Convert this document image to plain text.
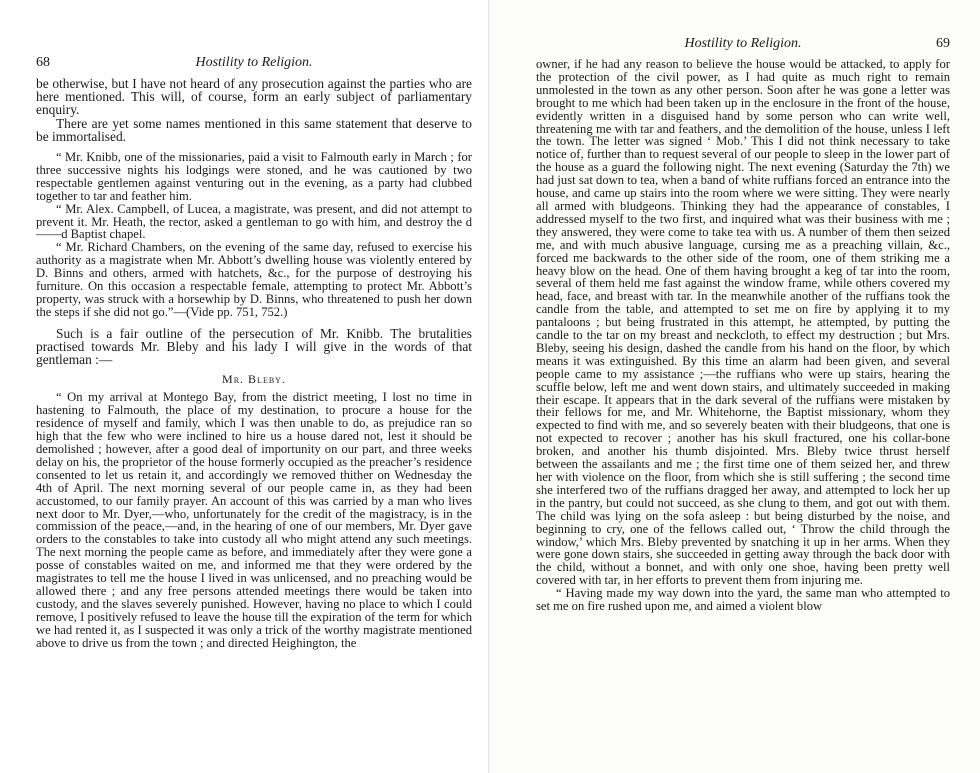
68	Hostility to Religion.

be otherwise, but I have not heard of any prosecution against the parties who are here mentioned. This will, of course, form an early subject of parliamentary enquiry.

There are yet some names mentioned in this same statement that deserve to be immortalised.

“ Mr. Knibb, one of the missionaries, paid a visit to Falmouth early in March ; for three successive nights his lodgings were stoned, and he was cautioned by two respectable gentlemen against venturing out in the evening, as a party had clubbed together to tar and feather him.

“ Mr. Alex. Campbell, of Lucea, a magistrate, was present, and did not attempt to prevent it. Mr. Heath, the rector, asked a gentleman to go with him, and destroy the d——d Baptist chapel.

“ Mr. Richard Chambers, on the evening of the same day, refused to exercise his authority as a magistrate when Mr. Abbott’s dwelling house was violently entered by D. Binns and others, armed with hatchets, &c., for the purpose of destroying his furniture. On this occasion a respectable female, attempting to protect Mr. Abbott’s property, was struck with a horsewhip by D. Binns, who threatened to push her down the steps if she did not go.”—(Vide pp. 751, 752.)

Such is a fair outline of the persecution of Mr. Knibb. The brutalities practised towards Mr. Bleby and his lady I will give in the words of that gentleman :—

Mr. Bleby.

“ On my arrival at Montego Bay, from the district meeting, I lost no time in hastening to Falmouth, the place of my destination, to procure a house for the residence of myself and family, which I was then unable to do, as prejudice ran so high that the few who were inclined to hire us a house dared not, lest it should be demolished ; however, after a good deal of importunity on our part, and three weeks delay on his, the proprietor of the house formerly occupied as the preacher’s residence consented to let us retain it, and accordingly we removed thither on Wednesday the 4th of April. The next morning several of our people came in, as they had been accustomed, to our family prayer. An account of this was carried by a man who lives next door to Mr. Dyer,—who, unfortunately for the credit of the magistracy, is in the commission of the peace,—and, in the hearing of one of our members, Mr. Dyer gave orders to the constables to take into custody all who might attend any such meetings. The next morning the people came as before, and immediately after they were gone a posse of constables waited on me, and informed me that they were ordered by the magistrates to tell me the house I lived in was unlicensed, and no preaching would be allowed there ; and any free persons attended meetings there would be taken into custody, and the slaves severely punished. However, having no place to which I could remove, I positively refused to leave the house till the expiration of the term for which we had rented it, as I suspected it was only a trick of the worthy magistrate mentioned above to drive us from the town ; and directed Heighington, the

Hostility to Religion.	69

owner, if he had any reason to believe the house would be attacked, to apply for the protection of the civil power, as I had quite as much right to remain unmolested in the town as any other person. Soon after he was gone a letter was brought to me which had been taken up in the enclosure in the front of the house, evidently written in a disguised hand by some person who can write well, threatening me with tar and feathers, and the demolition of the house, unless I left the town. The letter was signed ‘ Mob.’ This I did not think necessary to take notice of, further than to request several of our people to sleep in the lower part of the house as a guard the following night. The next evening (Saturday the 7th) we had just sat down to tea, when a band of white ruffians forced an entrance into the house, and came up stairs into the room where we were sitting. They were nearly all armed with bludgeons. Thinking they had the appearance of constables, I addressed myself to the two first, and inquired what was their business with me ; they answered, they were come to take tea with us. A number of them then seized me, and with much abusive language, cursing me as a preaching villain, &c., forced me backwards to the other side of the room, one of them striking me a heavy blow on the head. One of them having brought a keg of tar into the room, several of them held me fast against the window frame, while others covered my head, face, and breast with tar. In the meanwhile another of the ruffians took the candle from the table, and attempted to set me on fire by applying it to my pantaloons ; but being frustrated in this attempt, he attempted, by putting the candle to the tar on my breast and neckcloth, to effect my destruction ; but Mrs. Bleby, seeing his design, dashed the candle from his hand on the floor, by which means it was extinguished. By this time an alarm had been given, and several people came to my assistance ;—the ruffians who were up stairs, hearing the scuffle below, left me and went down stairs, and ultimately succeeded in making their escape. It appears that in the dark several of the ruffians were mistaken by their fellows for me, and Mr. Whitehorne, the Baptist missionary, whom they expected to find with me, and so severely beaten with their bludgeons, that one is not expected to recover ; another has his skull fractured, one his collar-bone broken, and another his thumb disjointed. Mrs. Bleby twice thrust herself between the assailants and me ; the first time one of them seized her, and threw her with violence on the floor, from which she is still suffering ; the second time she interfered two of the ruffians dragged her away, and attempted to lock her up in the pantry, but could not succeed, as she clung to them, and got out with them. The child was lying on the sofa asleep : but being disturbed by the noise, and beginning to cry, one of the fellows called out, ‘ Throw the child through the window,’ which Mrs. Bleby prevented by snatching it up in her arms. When they were gone down stairs, she succeeded in getting away through the back door with the child, without a bonnet, and with only one shoe, having been pretty well covered with tar, in her efforts to prevent them from injuring me.

“ Having made my way down into the yard, the same man who attempted to set me on fire rushed upon me, and aimed a violent blow
